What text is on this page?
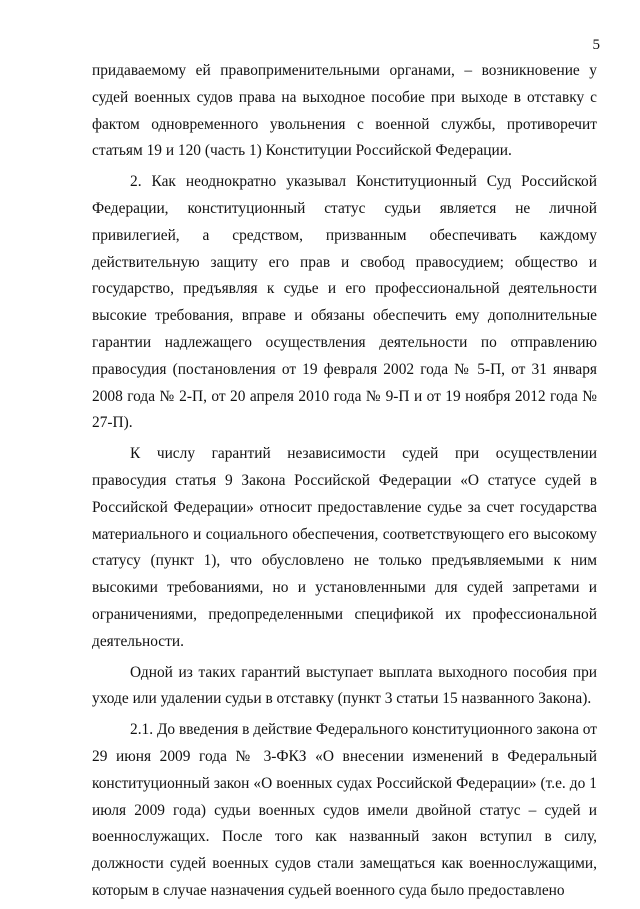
5

придаваемому ей правоприменительными органами, – возникновение у судей военных судов права на выходное пособие при выходе в отставку с фактом одновременного увольнения с военной службы, противоречит статьям 19 и 120 (часть 1) Конституции Российской Федерации.

2. Как неоднократно указывал Конституционный Суд Российской Федерации, конституционный статус судьи является не личной привилегией, а средством, призванным обеспечивать каждому действительную защиту его прав и свобод правосудием; общество и государство, предъявляя к судье и его профессиональной деятельности высокие требования, вправе и обязаны обеспечить ему дополнительные гарантии надлежащего осуществления деятельности по отправлению правосудия (постановления от 19 февраля 2002 года № 5-П, от 31 января 2008 года № 2-П, от 20 апреля 2010 года № 9-П и от 19 ноября 2012 года № 27-П).

К числу гарантий независимости судей при осуществлении правосудия статья 9 Закона Российской Федерации «О статусе судей в Российской Федерации» относит предоставление судье за счет государства материального и социального обеспечения, соответствующего его высокому статусу (пункт 1), что обусловлено не только предъявляемыми к ним высокими требованиями, но и установленными для судей запретами и ограничениями, предопределенными спецификой их профессиональной деятельности.

Одной из таких гарантий выступает выплата выходного пособия при уходе или удалении судьи в отставку (пункт 3 статьи 15 названного Закона).

2.1. До введения в действие Федерального конституционного закона от 29 июня 2009 года № 3-ФКЗ «О внесении изменений в Федеральный конституционный закон «О военных судах Российской Федерации» (т.е. до 1 июля 2009 года) судьи военных судов имели двойной статус – судей и военнослужащих. После того как названный закон вступил в силу, должности судей военных судов стали замещаться как военнослужащими, которым в случае назначения судьей военного суда было предоставлено
